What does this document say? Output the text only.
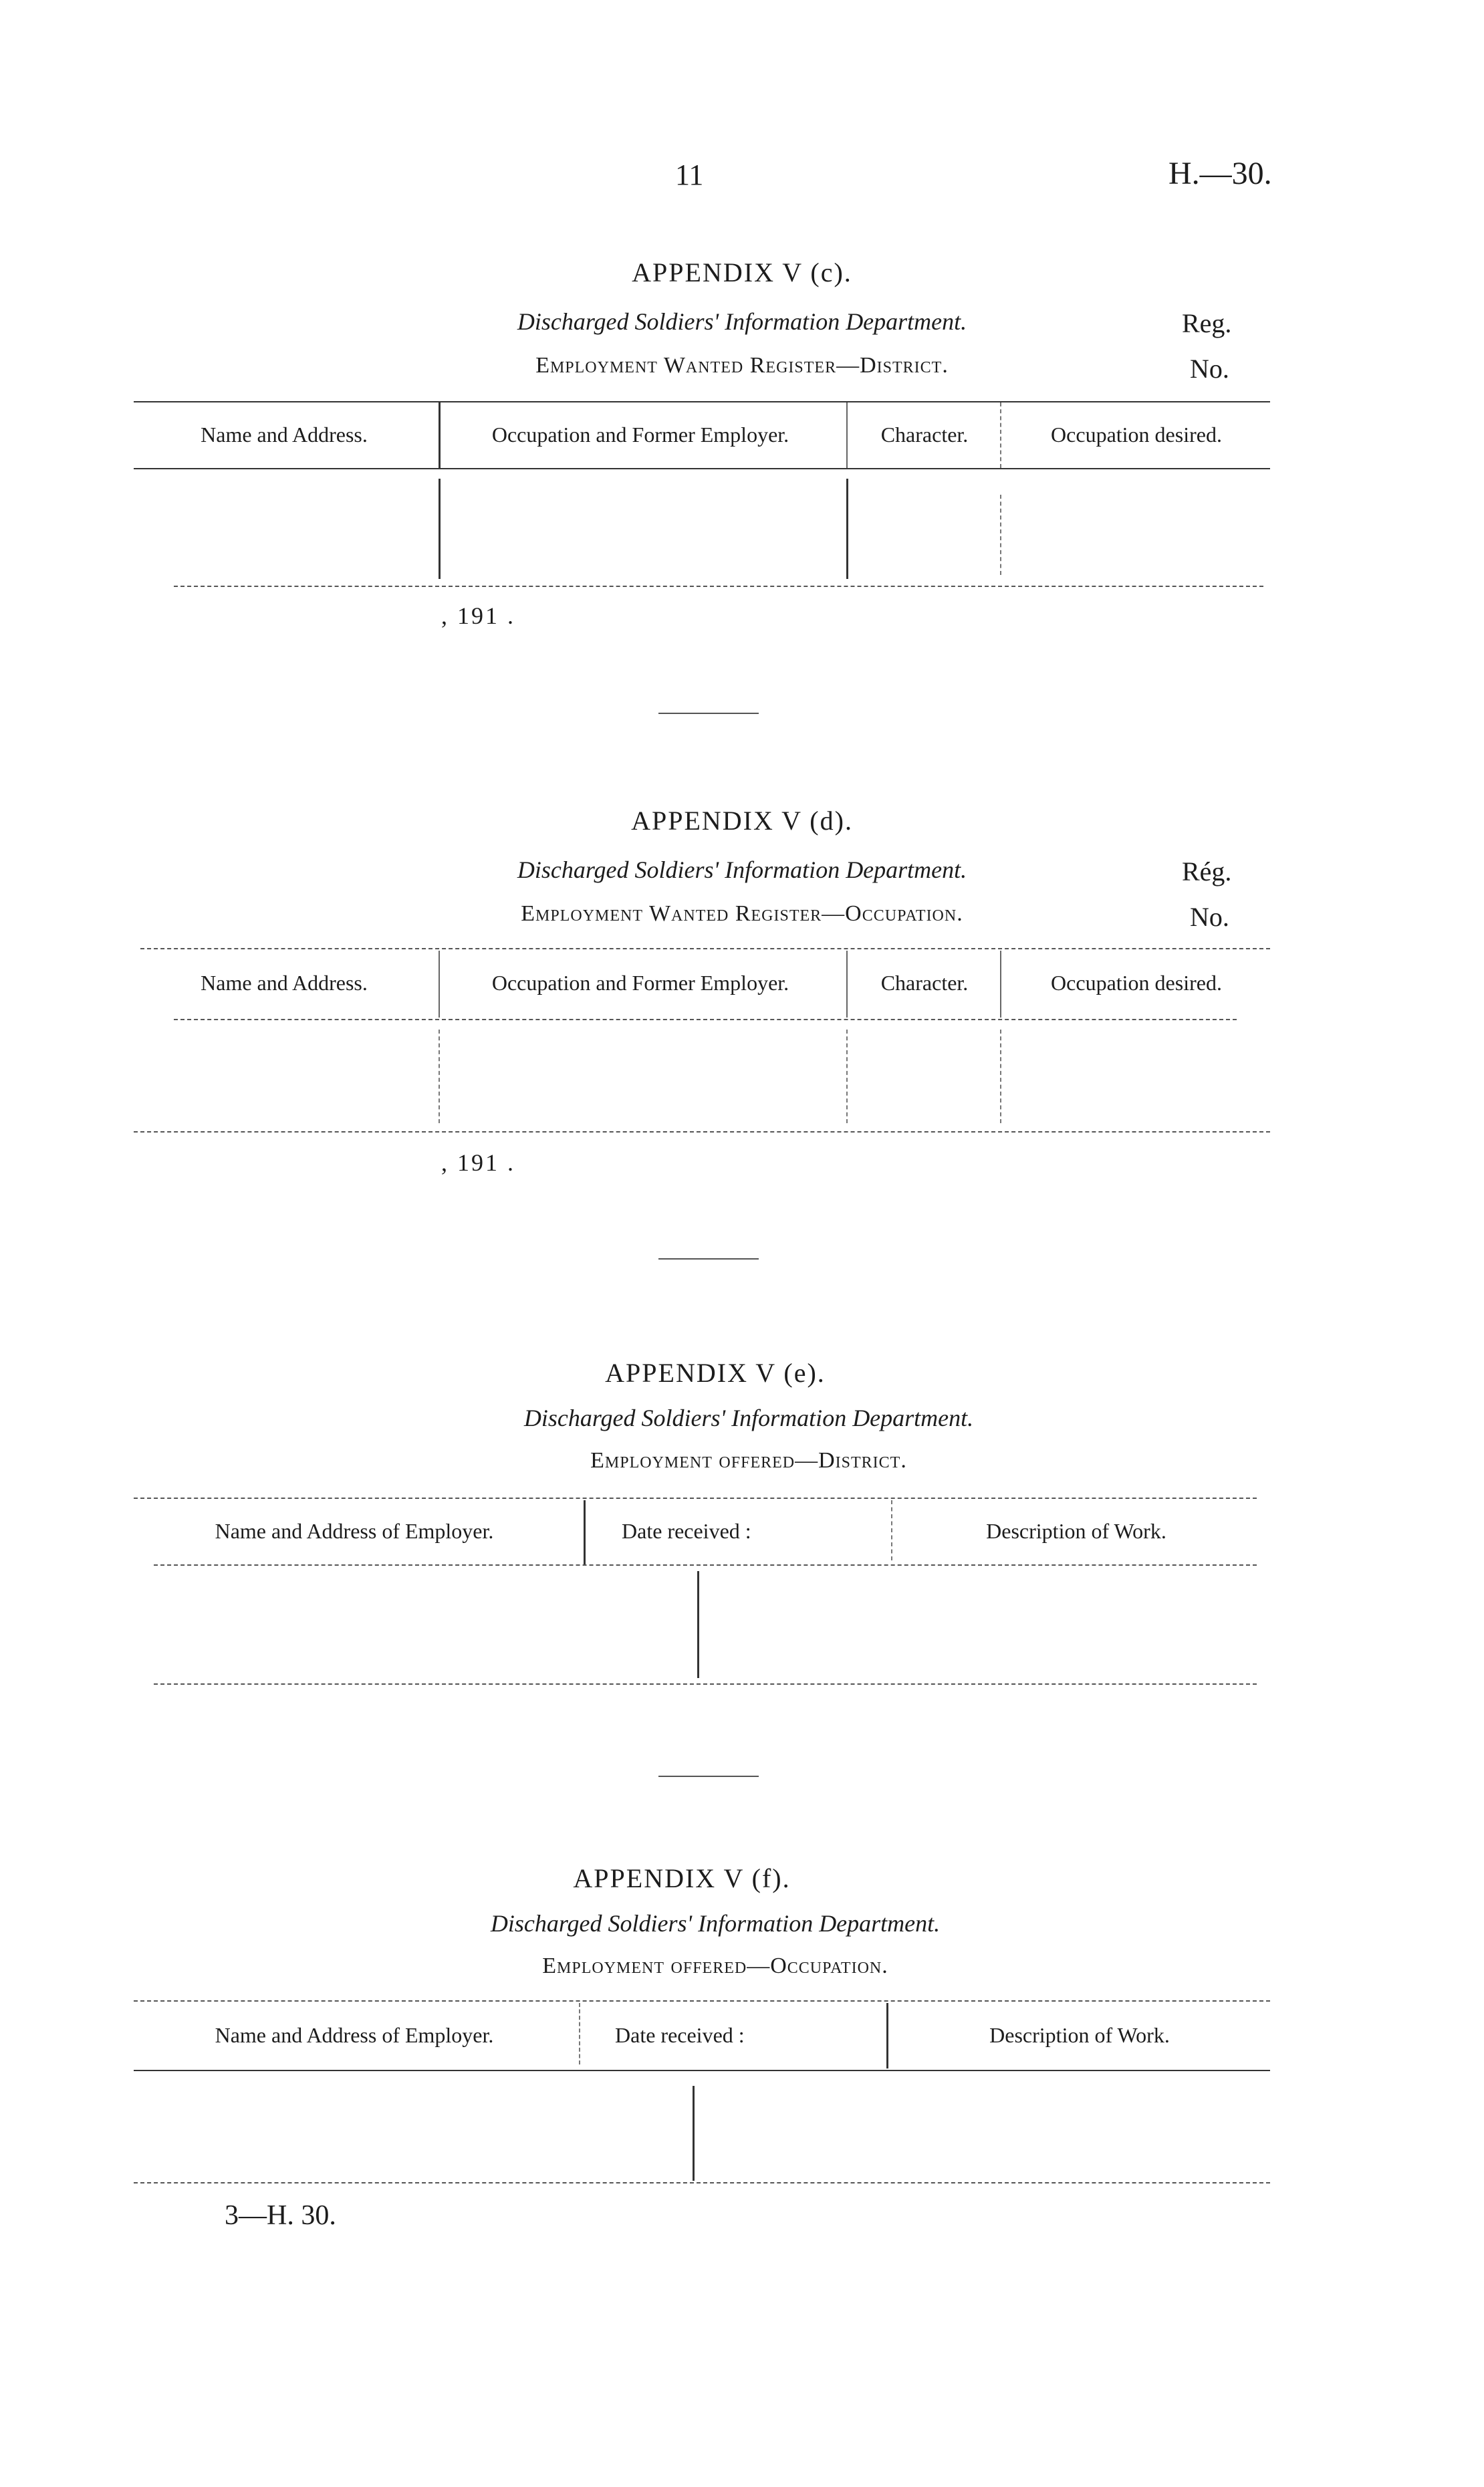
11	H.—30.
APPENDIX V (c).
Discharged Soldiers' Information Department.
Employment Wanted Register—District.
Reg.
No.
Name and Address.	Occupation and Former Employer.	Character.	Occupation desired.
, 191 .
APPENDIX V (d).
Discharged Soldiers' Information Department.
Employment Wanted Register—Occupation.
Rég.
No.
Name and Address.	Occupation and Former Employer.	Character.	Occupation desired.
, 191 .
APPENDIX V (e).
Discharged Soldiers' Information Department.
Employment offered—District.
Name and Address of Employer.	Date received :	Description of Work.
APPENDIX V (f).
Discharged Soldiers' Information Department.
Employment offered—Occupation.
Name and Address of Employer.	Date received :	Description of Work.
3—H. 30.
